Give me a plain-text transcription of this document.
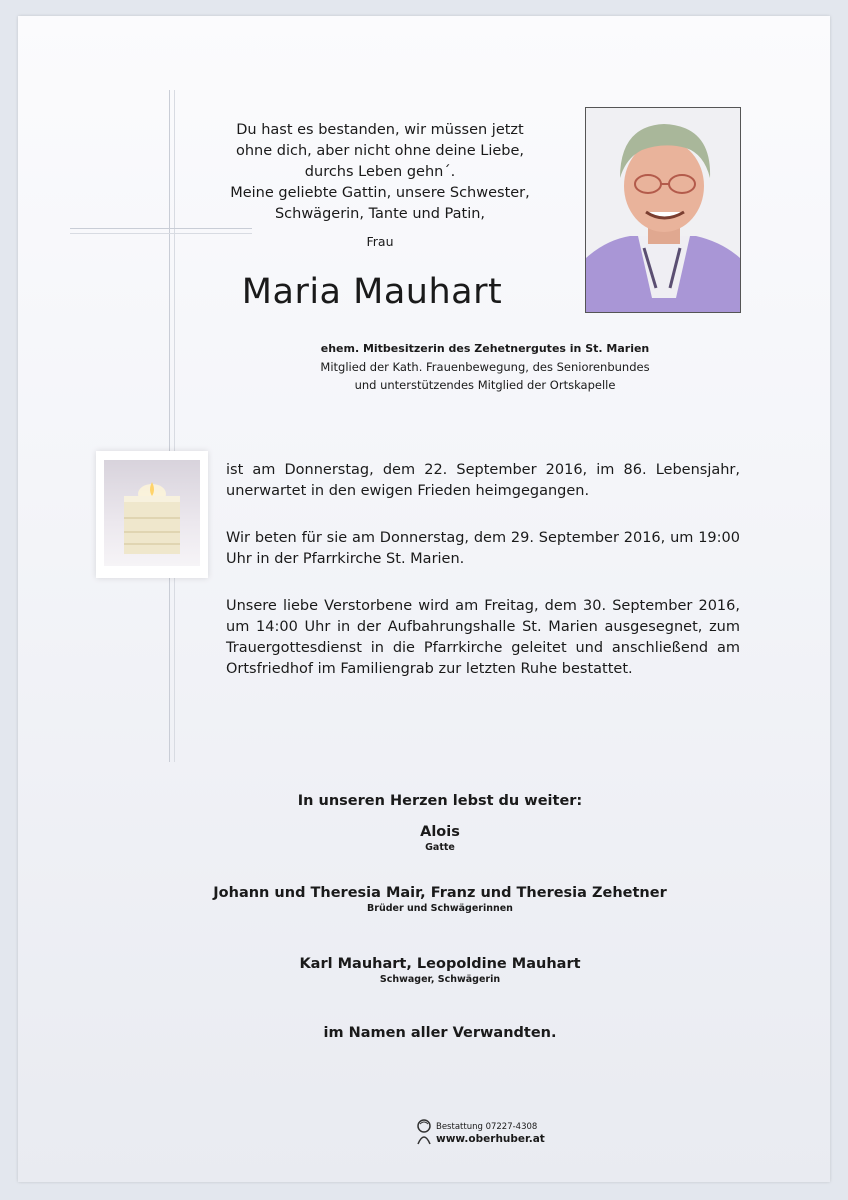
Du hast es bestanden, wir müssen jetzt
ohne dich, aber nicht ohne deine Liebe,
durchs Leben gehn´.
Meine geliebte Gattin, unsere Schwester,
Schwägerin, Tante und Patin,
Frau
Maria Mauhart
ehem. Mitbesitzerin des Zehetnergutes in St. Marien
Mitglied der Kath. Frauenbewegung, des Seniorenbundes
und unterstützendes Mitglied der Ortskapelle

ist am Donnerstag, dem 22. September 2016, im 86. Lebensjahr, unerwartet in den ewigen Frieden heimgegangen.

Wir beten für sie am Donnerstag, dem 29. September 2016, um 19:00 Uhr in der Pfarrkirche St. Marien.

Unsere liebe Verstorbene wird am Freitag, dem 30. September 2016, um 14:00 Uhr in der Aufbahrungshalle St. Marien ausgesegnet, zum Trauergottesdienst in die Pfarrkirche geleitet und anschließend am Ortsfriedhof im Familiengrab zur letzten Ruhe bestattet.

In unseren Herzen lebst du weiter:
Alois
Gatte
Johann und Theresia Mair, Franz und Theresia Zehetner
Brüder und Schwägerinnen
Karl Mauhart, Leopoldine Mauhart
Schwager, Schwägerin
im Namen aller Verwandten.
Bestattung 07227-4308
www.oberhuber.at
